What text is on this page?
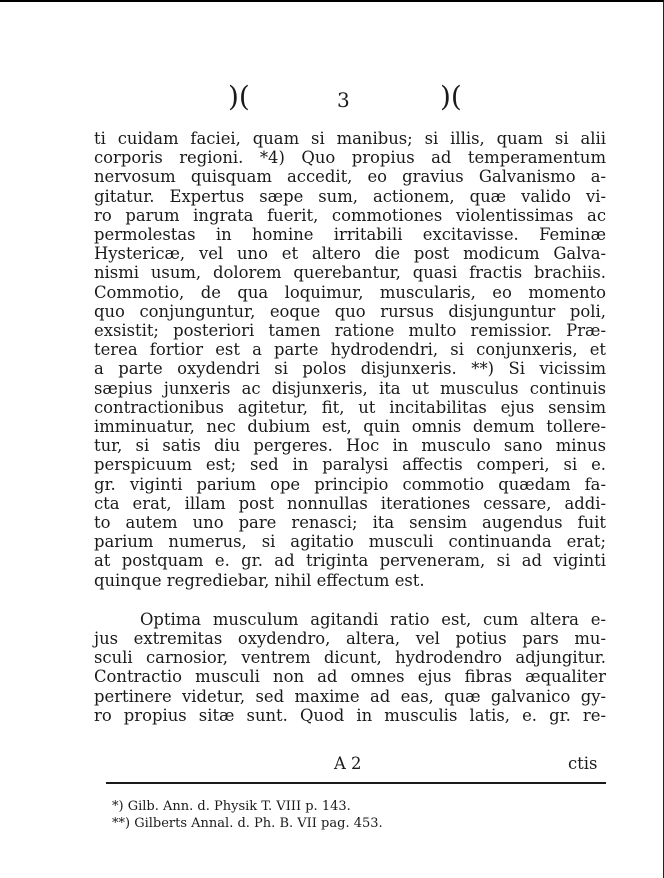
)(	3	)(

ti cuidam faciei, quam si manibus; si illis, quam si alii
corporis regioni. *4) Quo propius ad temperamentum
nervosum quisquam accedit, eo gravius Galvanismo a-
gitatur. Expertus sæpe sum, actionem, quæ valido vi-
ro parum ingrata fuerit, commotiones violentissimas ac
permolestas in homine irritabili excitavisse. Feminæ
Hystericæ, vel uno et altero die post modicum Galva-
nismi usum, dolorem querebantur, quasi fractis brachiis.
Commotio, de qua loquimur, muscularis, eo momento
quo conjunguntur, eoque quo rursus disjunguntur poli,
exsistit; posteriori tamen ratione multo remissior. Præ-
terea fortior est a parte hydrodendri, si conjunxeris, et
a parte oxydendri si polos disjunxeris. **) Si vicissim
sæpius junxeris ac disjunxeris, ita ut musculus continuis
contractionibus agitetur, fit, ut incitabilitas ejus sensim
imminuatur, nec dubium est, quin omnis demum tollere-
tur, si satis diu pergeres. Hoc in musculo sano minus
perspicuum est; sed in paralysi affectis comperi, si e.
gr. viginti parium ope principio commotio quædam fa-
cta erat, illam post nonnullas iterationes cessare, addi-
to autem uno pare renasci; ita sensim augendus fuit
parium numerus, si agitatio musculi continuanda erat;
at postquam e. gr. ad triginta perveneram, si ad viginti

quinque regrediebar, nihil effectum est.

Optima musculum agitandi ratio est, cum altera e-
jus extremitas oxydendro, altera, vel potius pars mu-
sculi carnosior, ventrem dicunt, hydrodendro adjungitur.
Contractio musculi non ad omnes ejus fibras æqualiter
pertinere videtur, sed maxime ad eas, quæ galvanico gy-
ro propius sitæ sunt. Quod in musculis latis, e. gr. re-

A 2	ctis
*) Gilb. Ann. d. Physik T. VIII p. 143.
**) Gilberts Annal. d. Ph. B. VII pag. 453.
